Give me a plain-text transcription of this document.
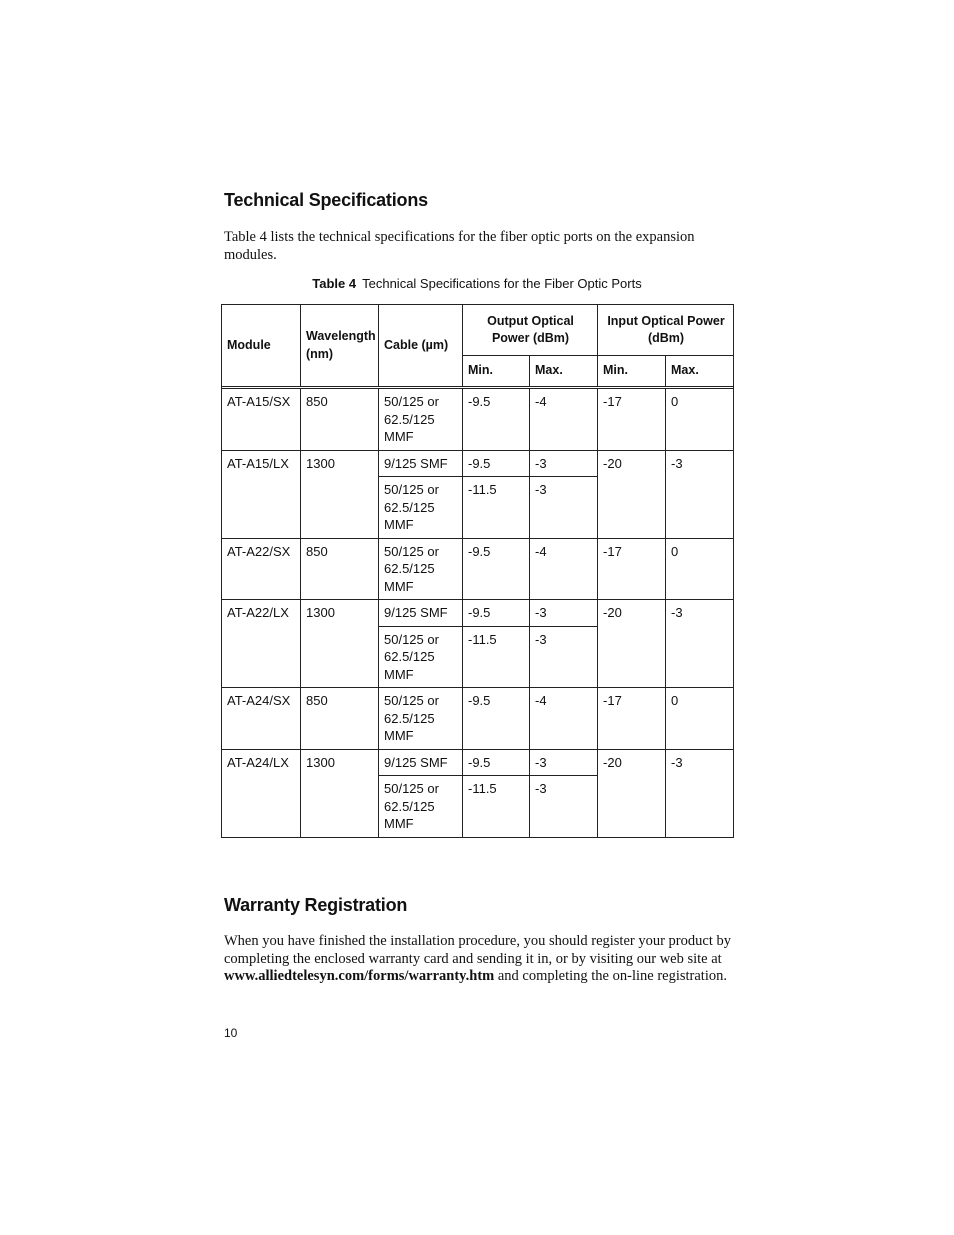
Technical Specifications

Table 4 lists the technical specifications for the fiber optic ports on the expansion modules.

Table 4 Technical Specifications for the Fiber Optic Ports
Module	Wavelength (nm)	Cable (µm)	Output Optical Power (dBm)		Input Optical Power (dBm)	
			Min.	Max.	Min.	Max.

AT-A15/SX	850	50/125 or 62.5/125 MMF	-9.5	-4	-17	0
AT-A15/LX	1300	9/125 SMF	-9.5	-3	-20	-3
		50/125 or 62.5/125 MMF	-11.5	-3		
AT-A22/SX	850	50/125 or 62.5/125 MMF	-9.5	-4	-17	0
AT-A22/LX	1300	9/125 SMF	-9.5	-3	-20	-3
		50/125 or 62.5/125 MMF	-11.5	-3		
AT-A24/SX	850	50/125 or 62.5/125 MMF	-9.5	-4	-17	0
AT-A24/LX	1300	9/125 SMF	-9.5	-3	-20	-3
		50/125 or 62.5/125 MMF	-11.5	-3		
Warranty Registration

When you have finished the installation procedure, you should register your product by completing the enclosed warranty card and sending it in, or by visiting our web site at www.alliedtelesyn.com/forms/warranty.htm and completing the on-line registration.

10
